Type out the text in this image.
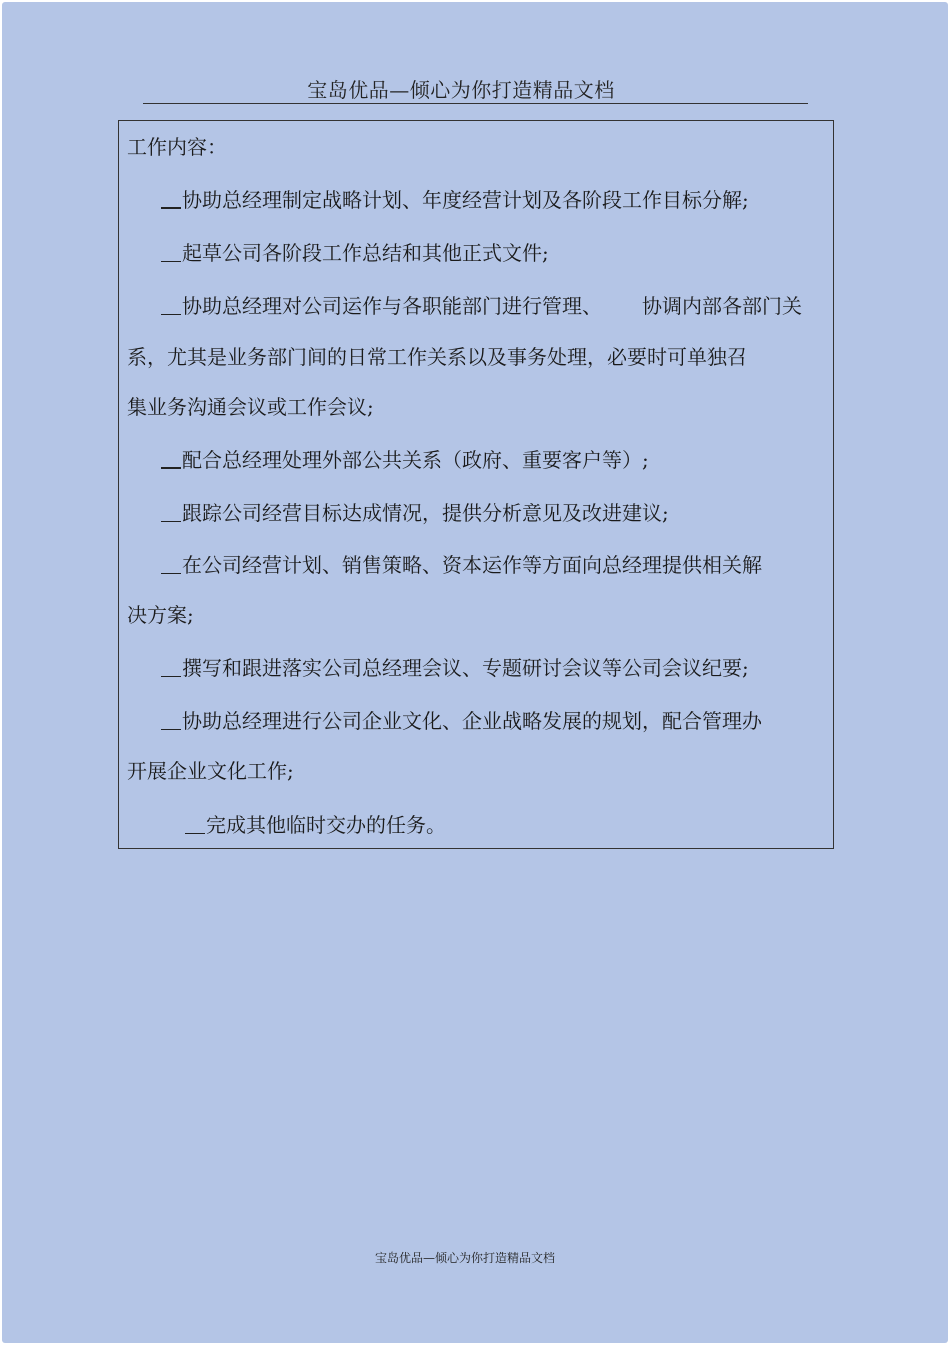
宝岛优品—倾心为你打造精品文档
工作内容：
协助总经理制定战略计划、年度经营计划及各阶段工作目标分解;
起草公司各阶段工作总结和其他正式文件;
协助总经理对公司运作与各职能部门进行管理、 协调内部各部门关
系，尤其是业务部门间的日常工作关系以及事务处理，必要时可单独召
集业务沟通会议或工作会议;
配合总经理处理外部公共关系（政府、重要客户等）;
跟踪公司经营目标达成情况，提供分析意见及改进建议;
在公司经营计划、销售策略、资本运作等方面向总经理提供相关解
决方案;
撰写和跟进落实公司总经理会议、专题研讨会议等公司会议纪要;
协助总经理进行公司企业文化、企业战略发展的规划，配合管理办
开展企业文化工作;
完成其他临时交办的任务。
宝岛优品—倾心为你打造精品文档
